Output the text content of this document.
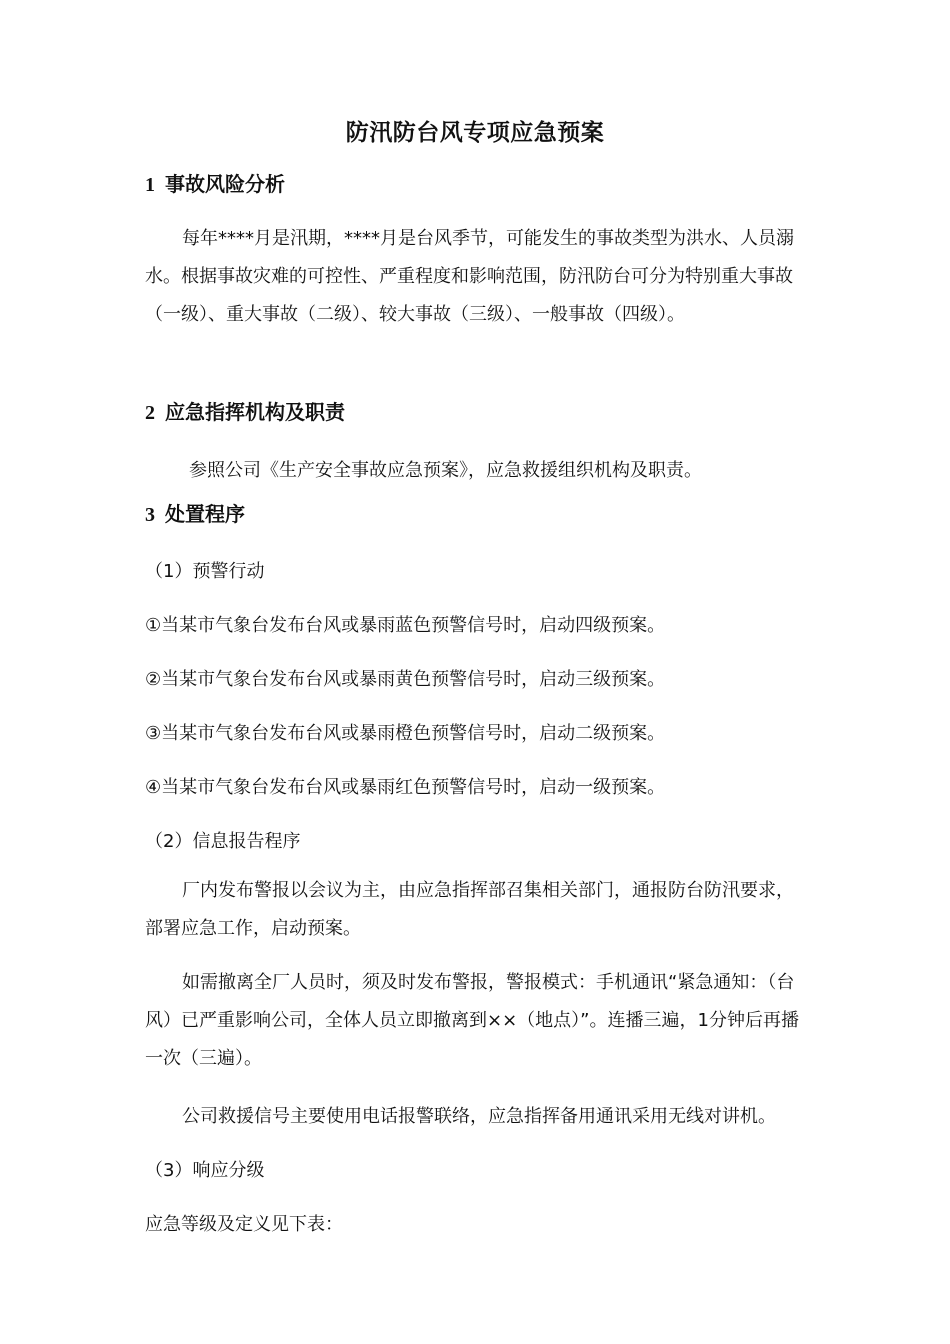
防汛防台风专项应急预案
1 事故风险分析
每年****月是汛期，****月是台风季节，可能发生的事故类型为洪水、人员溺水。根据事故灾难的可控性、严重程度和影响范围，防汛防台可分为特别重大事故（一级）、重大事故（二级）、较大事故（三级）、一般事故（四级）。
2 应急指挥机构及职责
参照公司《生产安全事故应急预案》，应急救援组织机构及职责。
3 处置程序
（1）预警行动
①当某市气象台发布台风或暴雨蓝色预警信号时，启动四级预案。
②当某市气象台发布台风或暴雨黄色预警信号时，启动三级预案。
③当某市气象台发布台风或暴雨橙色预警信号时，启动二级预案。
④当某市气象台发布台风或暴雨红色预警信号时，启动一级预案。
（2）信息报告程序
厂内发布警报以会议为主，由应急指挥部召集相关部门，通报防台防汛要求，部署应急工作，启动预案。
如需撤离全厂人员时，须及时发布警报，警报模式：手机通讯“紧急通知：（台风）已严重影响公司，全体人员立即撤离到××（地点）”。连播三遍，1分钟后再播一次（三遍）。
公司救援信号主要使用电话报警联络，应急指挥备用通讯采用无线对讲机。
（3）响应分级
应急等级及定义见下表：
